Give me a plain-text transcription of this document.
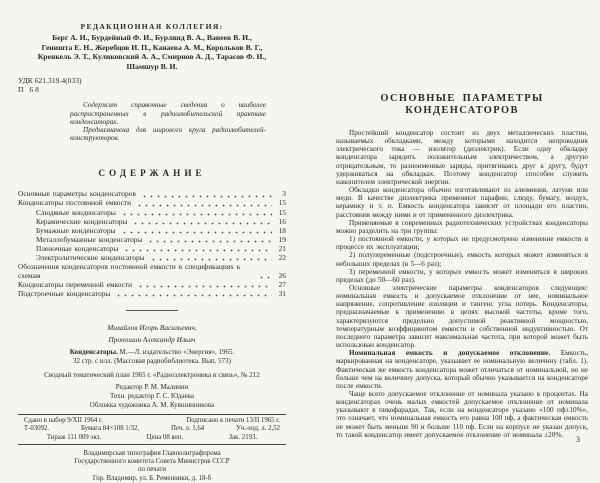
РЕДАКЦИОННАЯ КОЛЛЕГИЯ:
Берг А. И., Бурдейный Ф. И., Бурлянд В. А., Ванеев В. И.,
Геништа Е. Н., Жеребцов И. П., Канаева А. М., Корольков В. Г.,
Кренкель Э. Т., Куликовский А. А., Смирнов А. Д., Тарасов Ф. И.,
Шамшур В. И.
УДК 621.319.4(033)
П 68

Содержит справочные сведения о наиболее распространенных в радиолюбительской практике конденсаторах.

Предназначена для широкого круга радиолюбителей-конструкторов.

СОДЕРЖАНИЕ
Основные параметры конденсаторов	3
Конденсаторы постоянной емкости	15
Слюдяные конденсаторы	15
Керамические конденсаторы	16
Бумажные конденсаторы	18
Металлобумажные конденсаторы	19
Пленочные конденсаторы	21
Электролитические конденсаторы	22
Обозначения конденсаторов постоянной емкости в спецификациях к схемам	26
Конденсаторы переменной емкости	27
Подстроечные конденсаторы	31
Михайлов Игорь Васильевич,
Пропошин Александр Ильич
Конденсаторы. М.—Л. издательство «Энергия», 1965.
32 стр. с илл. (Массовая радиобиблиотека. Вып. 573)
Сводный тематический план 1965 г. «Радиоэлектроника и связь», № 212
Редактор Р. М. Малинин
Техн. редактор Г. С. Юдаева
Обложка художника А. М. Кувшинникова
Сдано в набор 9/XII 1964 г.	Подписано к печати 13/II 1965 г.
Т-03092.	Бумага 84×108 1/32.	Печ. л. 1,64	Уч.-изд. л. 2,52
Тираж 111 009 экз.	Цена 08 коп.	Зак. 2193.
Владимирская типография Главполиграфпрома
Государственного комитета Совета Министров СССР
по печати
Гор. Владимир, ул. Б. Ременники, д. 18-б
ОСНОВНЫЕ ПАРАМЕТРЫ КОНДЕНСАТОРОВ

Простейший конденсатор состоит из двух металлических пластин, называемых обкладками, между которыми находится непроводник электрического тока — изолятор (диэлектрик). Если одну обкладку конденсатора зарядить положительным электричеством, а другую отрицательным, то разноименные заряды, притягиваясь друг к другу, будут удерживаться на обкладках. Поэтому конденсатор способен служить накопителем электрической энергии.

Обкладки конденсатора обычно изготавливают из алюминия, латуни или меди. В качестве диэлектрика применяют парафин, слюду, бумагу, воздух, керамику и т. п. Емкость конденсатора зависит от площади его пластин, расстояния между ними и от примененного диэлектрика.

Применяемые в современных радиотехнических устройствах конденсаторы можно разделить на три группы:

1) постоянной емкости, у которых не предусмотрено изменение емкости в процессе их эксплуатации;

2) полупеременные (подстроечные), емкость которых может изменяться в небольших пределах (в 5—6 раз);

3) переменной емкости, у которых емкость может изменяться в широких пределах (до 50—60 раз).

Основные электрические параметры конденсаторов следующие: номинальная емкость и допускаемое отклонение от нее, номинальное напряжение, сопротивление изоляции и тангенс угла потерь. Конденсаторы, предназначаемые к применению в цепях высокой частоты, кроме того, характеризуются предельно допустимой реактивной мощностью, температурным коэффициентом емкости и собственной индуктивностью. От последнего параметра зависит максимальная частота, при которой может быть использован конденсатор.

Номинальная емкость и допускаемое отклонение. Емкость, маркированная на конденсаторе, указывает ее номинальную величину (табл. 1). Фактическая же емкость конденсатора может отличаться от номинальной, но не больше чем на величину допуска, который обычно указывается на конденсаторе после емкости.

Чаще всего допускаемое отклонение от номинала указано в процентах. На конденсаторах очень малых емкостей допускаемое отклонение от номинала указывают в пикофарадах. Так, если на конденсаторе указано «100 пф±10%», это означает, что номинальная емкость его равна 100 пф, а фактическая емкость не может быть меньше 90 и больше 110 пф. Если на корпусе не указан допуск, то такой конденсатор имеет допускаемое отклонение от номинала ±20%.

3
